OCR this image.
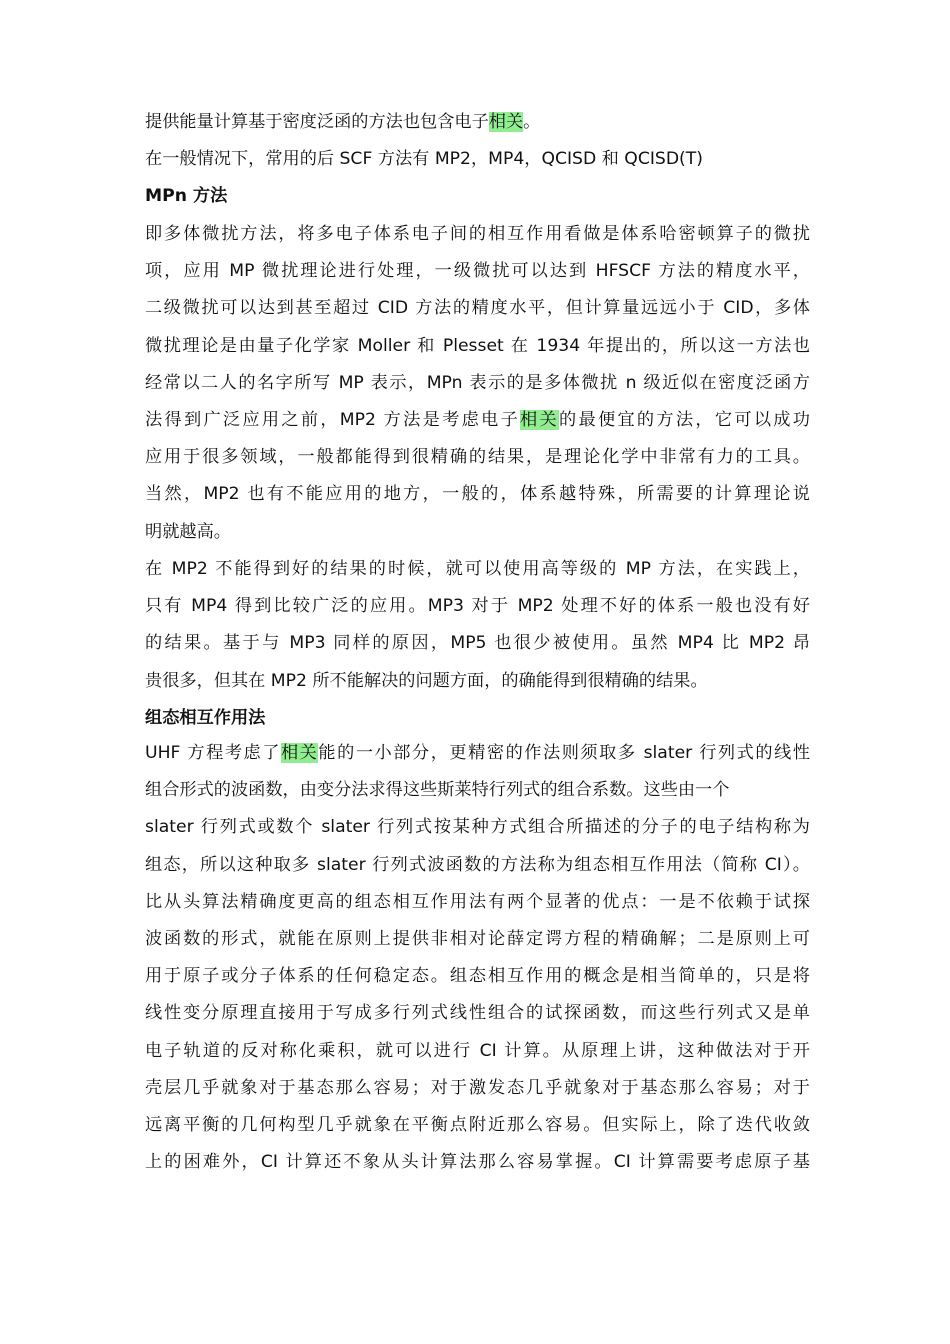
提供能量计算基于密度泛函的方法也包含电子相关。
在一般情况下，常用的后 SCF 方法有 MP2，MP4，QCISD 和 QCISD(T)
MPn 方法
即多体微扰方法，将多电子体系电子间的相互作用看做是体系哈密顿算子的微扰
项，应用 MP 微扰理论进行处理，一级微扰可以达到 HFSCF 方法的精度水平，
二级微扰可以达到甚至超过 CID 方法的精度水平，但计算量远远小于 CID，多体
微扰理论是由量子化学家 Moller 和 Plesset 在 1934 年提出的，所以这一方法也
经常以二人的名字所写 MP 表示，MPn 表示的是多体微扰 n 级近似在密度泛函方
法得到广泛应用之前，MP2 方法是考虑电子相关的最便宜的方法，它可以成功
应用于很多领域，一般都能得到很精确的结果，是理论化学中非常有力的工具。
当然，MP2 也有不能应用的地方，一般的，体系越特殊，所需要的计算理论说
明就越高。
在 MP2 不能得到好的结果的时候，就可以使用高等级的 MP 方法，在实践上，
只有 MP4 得到比较广泛的应用。MP3 对于 MP2 处理不好的体系一般也没有好
的结果。基于与 MP3 同样的原因，MP5 也很少被使用。虽然 MP4 比 MP2 昂
贵很多，但其在 MP2 所不能解决的问题方面，的确能得到很精确的结果。
组态相互作用法
UHF 方程考虑了相关能的一小部分，更精密的作法则须取多 slater 行列式的线性
组合形式的波函数，由变分法求得这些斯莱特行列式的组合系数。这些由一个
slater 行列式或数个 slater 行列式按某种方式组合所描述的分子的电子结构称为
组态，所以这种取多 slater 行列式波函数的方法称为组态相互作用法（简称 CI）。
比从头算法精确度更高的组态相互作用法有两个显著的优点：一是不依赖于试探
波函数的形式，就能在原则上提供非相对论薛定谔方程的精确解；二是原则上可
用于原子或分子体系的任何稳定态。组态相互作用的概念是相当简单的，只是将
线性变分原理直接用于写成多行列式线性组合的试探函数，而这些行列式又是单
电子轨道的反对称化乘积，就可以进行 CI 计算。从原理上讲，这种做法对于开
壳层几乎就象对于基态那么容易；对于激发态几乎就象对于基态那么容易；对于
远离平衡的几何构型几乎就象在平衡点附近那么容易。但实际上，除了迭代收敛
上的困难外，CI 计算还不象从头计算法那么容易掌握。CI 计算需要考虑原子基
